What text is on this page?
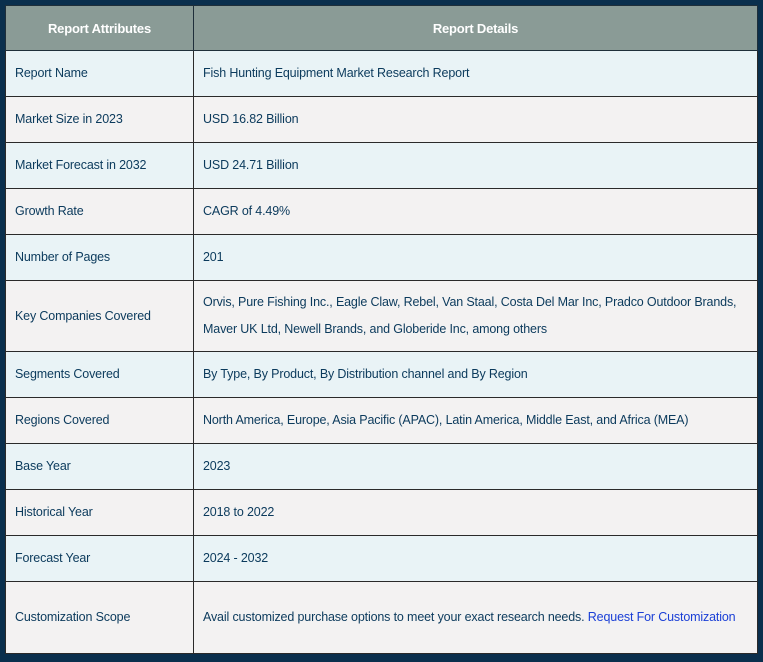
Report Attributes	Report Details
Report Name	Fish Hunting Equipment Market Research Report
Market Size in 2023	USD 16.82 Billion
Market Forecast in 2032	USD 24.71 Billion
Growth Rate	CAGR of 4.49%
Number of Pages	201
Key Companies Covered	Orvis, Pure Fishing Inc., Eagle Claw, Rebel, Van Staal, Costa Del Mar Inc, Pradco Outdoor Brands, Maver UK Ltd, Newell Brands, and Globeride Inc, among others
Segments Covered	By Type, By Product, By Distribution channel and By Region
Regions Covered	North America, Europe, Asia Pacific (APAC), Latin America, Middle East, and Africa (MEA)
Base Year	2023
Historical Year	2018 to 2022
Forecast Year	2024 - 2032
Customization Scope	Avail customized purchase options to meet your exact research needs. Request For Customization
